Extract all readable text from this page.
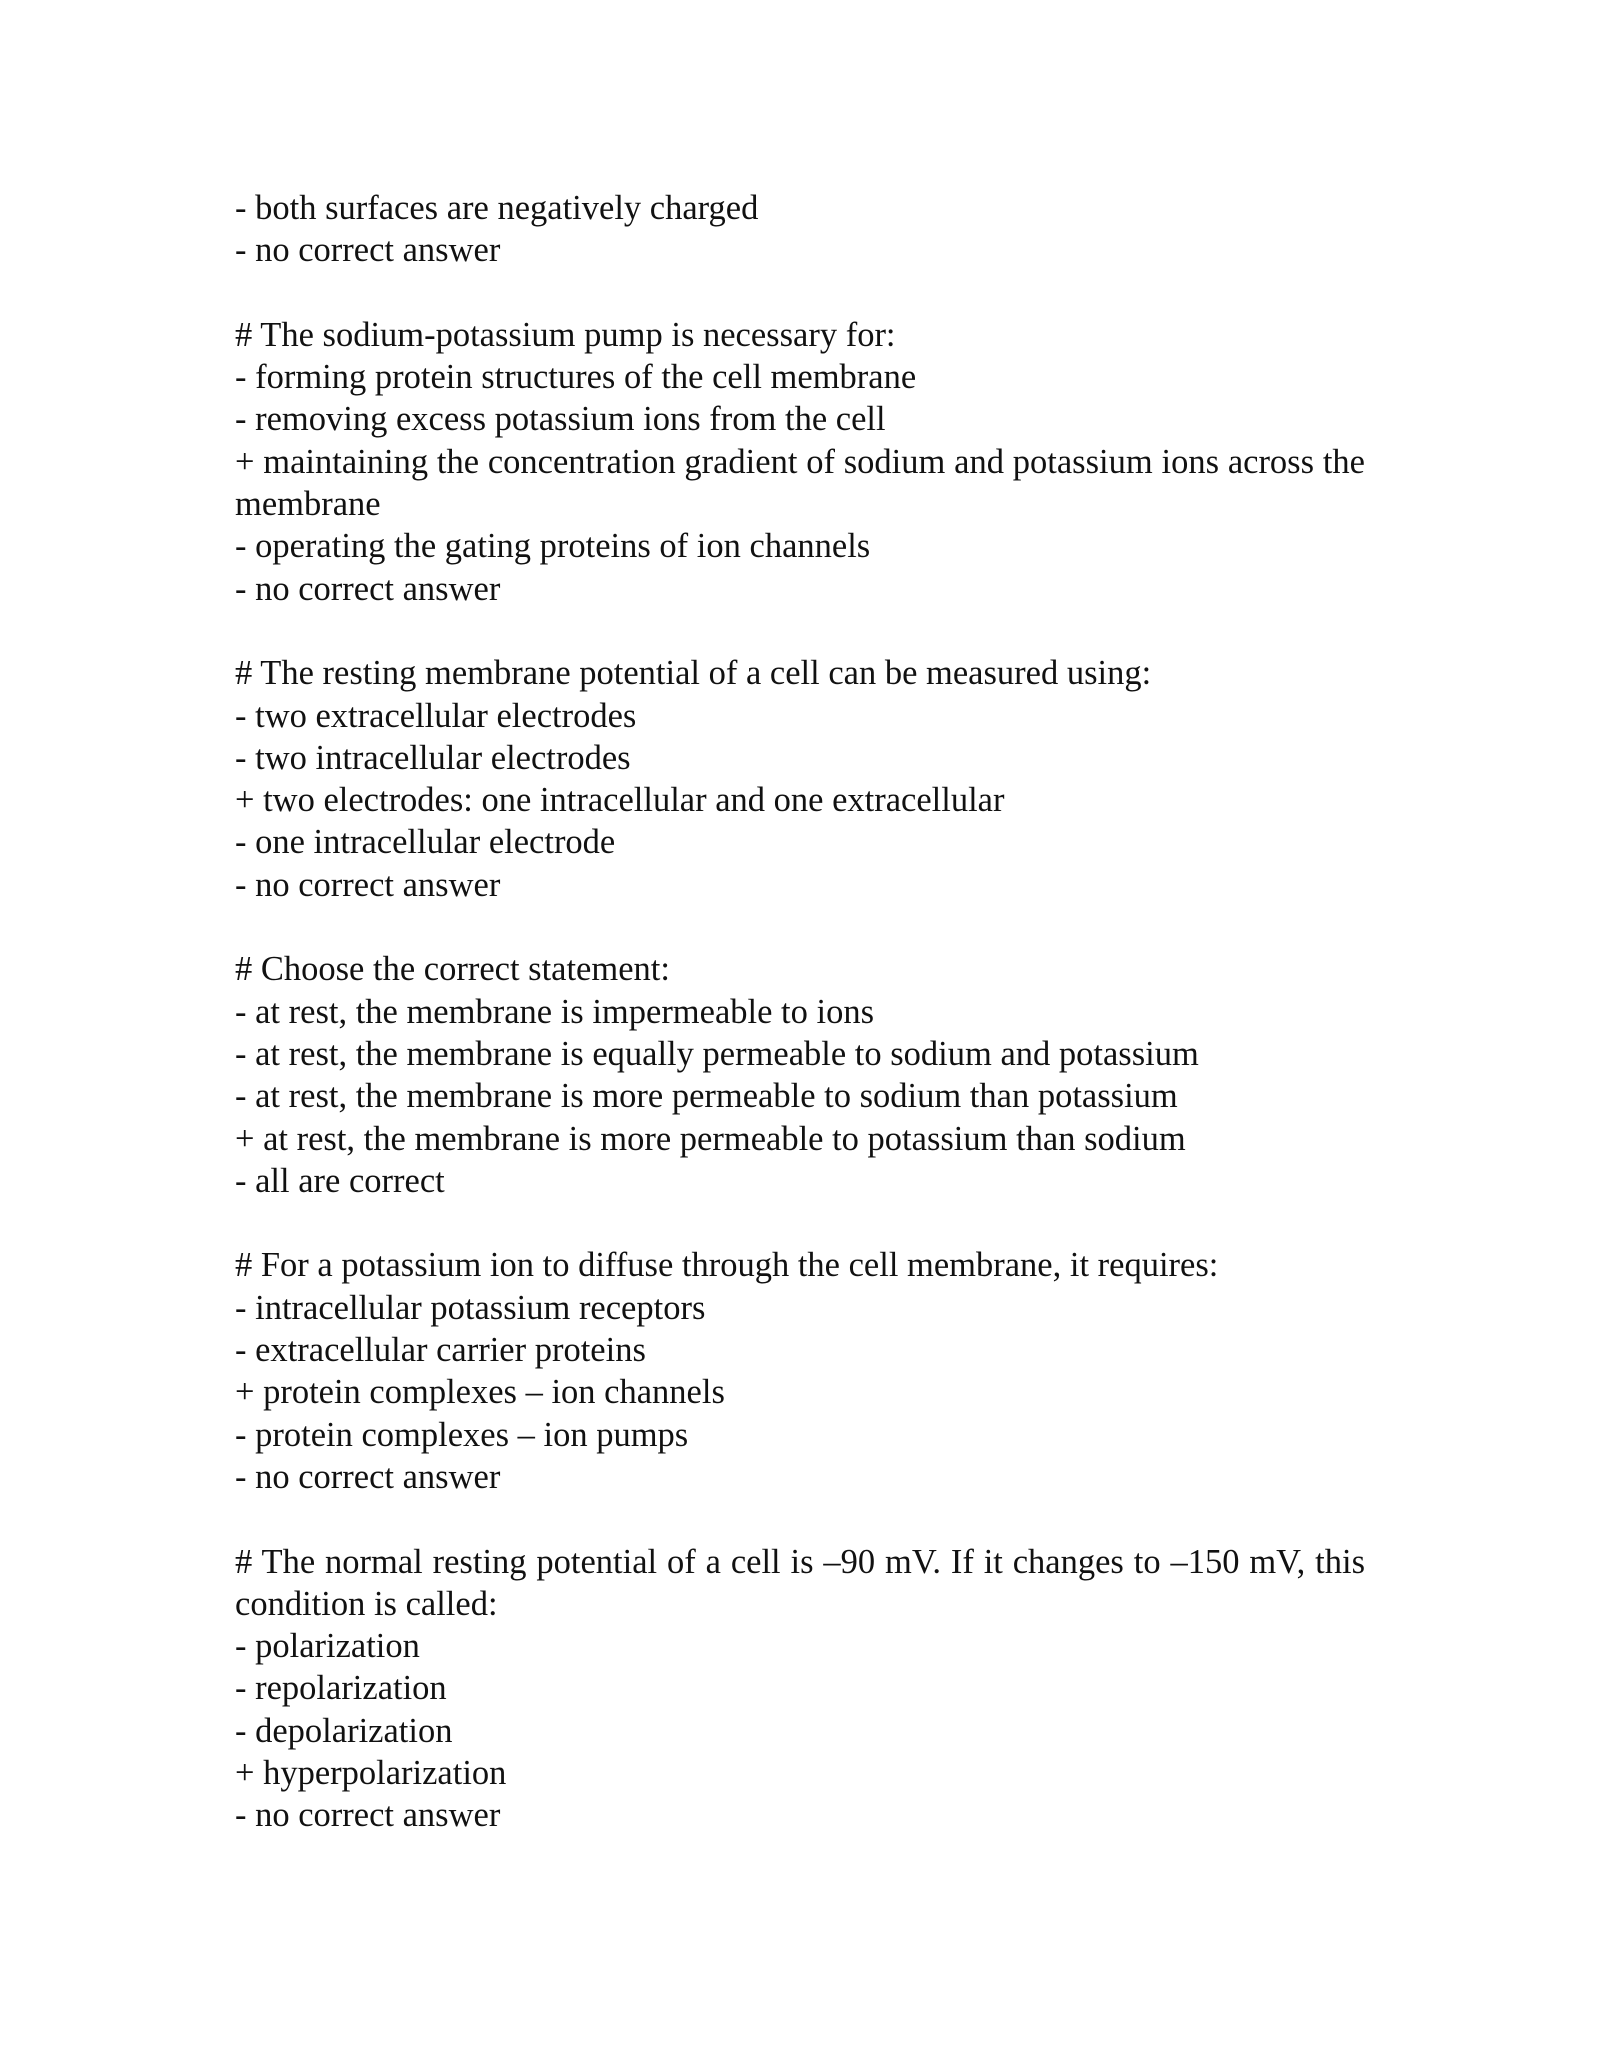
- both surfaces are negatively charged
- no correct answer
# The sodium-potassium pump is necessary for:
- forming protein structures of the cell membrane
- removing excess potassium ions from the cell
+ maintaining the concentration gradient of sodium and potassium ions across the membrane
- operating the gating proteins of ion channels
- no correct answer
# The resting membrane potential of a cell can be measured using:
- two extracellular electrodes
- two intracellular electrodes
+ two electrodes: one intracellular and one extracellular
- one intracellular electrode
- no correct answer
# Choose the correct statement:
- at rest, the membrane is impermeable to ions
- at rest, the membrane is equally permeable to sodium and potassium
- at rest, the membrane is more permeable to sodium than potassium
+ at rest, the membrane is more permeable to potassium than sodium
- all are correct
# For a potassium ion to diffuse through the cell membrane, it requires:
- intracellular potassium receptors
- extracellular carrier proteins
+ protein complexes – ion channels
- protein complexes – ion pumps
- no correct answer
# The normal resting potential of a cell is –90 mV. If it changes to –150 mV, this condition is called:
- polarization
- repolarization
- depolarization
+ hyperpolarization
- no correct answer
